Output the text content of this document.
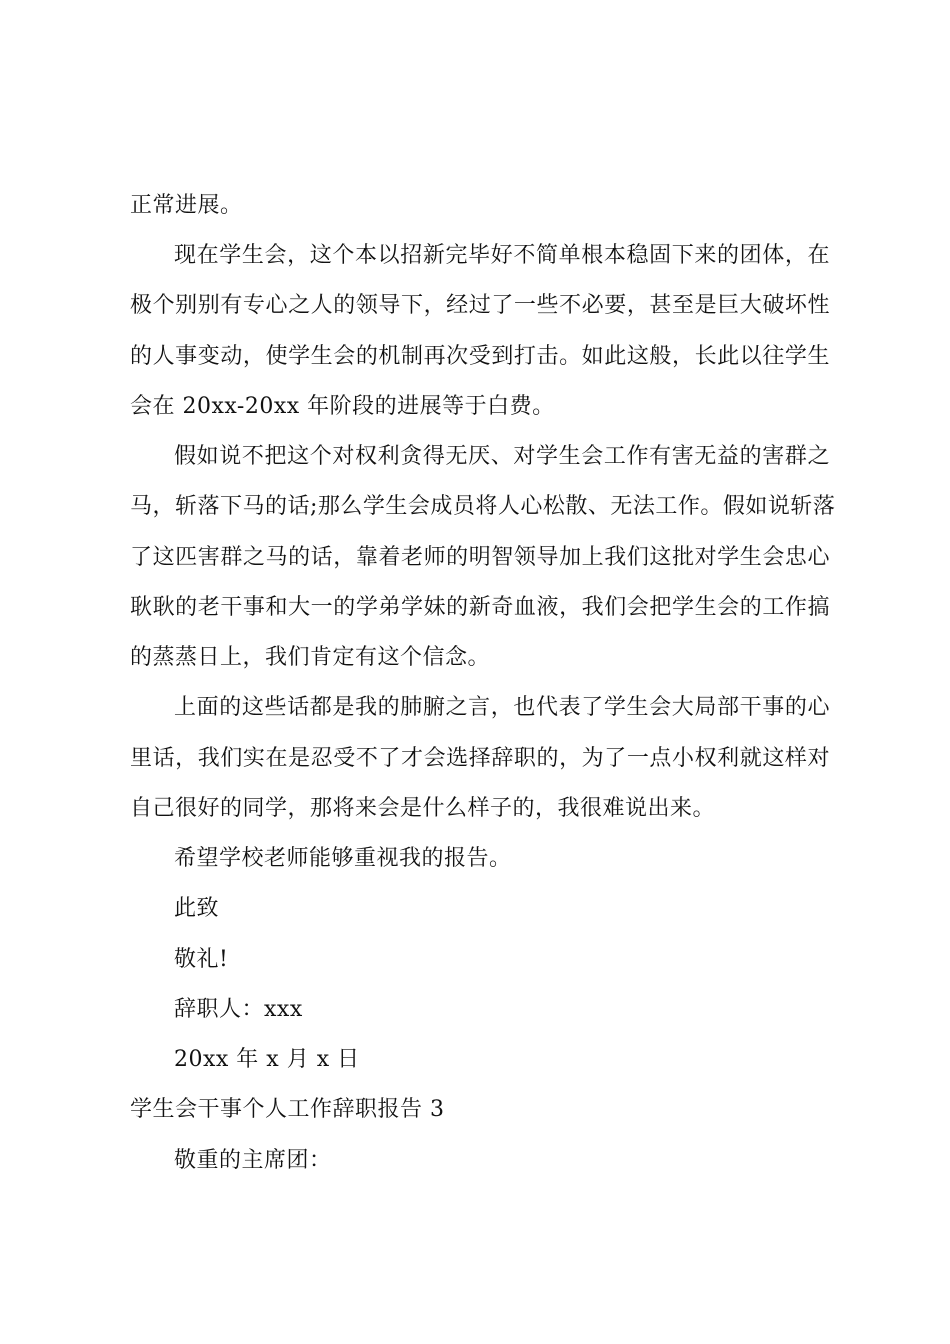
正常进展。
现在学生会，这个本以招新完毕好不简单根本稳固下来的团体，在
极个别别有专心之人的领导下，经过了一些不必要，甚至是巨大破坏性
的人事变动，使学生会的机制再次受到打击。如此这般，长此以往学生
会在 20xx-20xx 年阶段的进展等于白费。
假如说不把这个对权利贪得无厌、对学生会工作有害无益的害群之
马，斩落下马的话;那么学生会成员将人心松散、无法工作。假如说斩落
了这匹害群之马的话，靠着老师的明智领导加上我们这批对学生会忠心
耿耿的老干事和大一的学弟学妹的新奇血液，我们会把学生会的工作搞
的蒸蒸日上，我们肯定有这个信念。
上面的这些话都是我的肺腑之言，也代表了学生会大局部干事的心
里话，我们实在是忍受不了才会选择辞职的，为了一点小权利就这样对
自己很好的同学，那将来会是什么样子的，我很难说出来。
希望学校老师能够重视我的报告。
此致
敬礼!
辞职人：xxx
20xx 年 x 月 x 日
学生会干事个人工作辞职报告 3
敬重的主席团：
